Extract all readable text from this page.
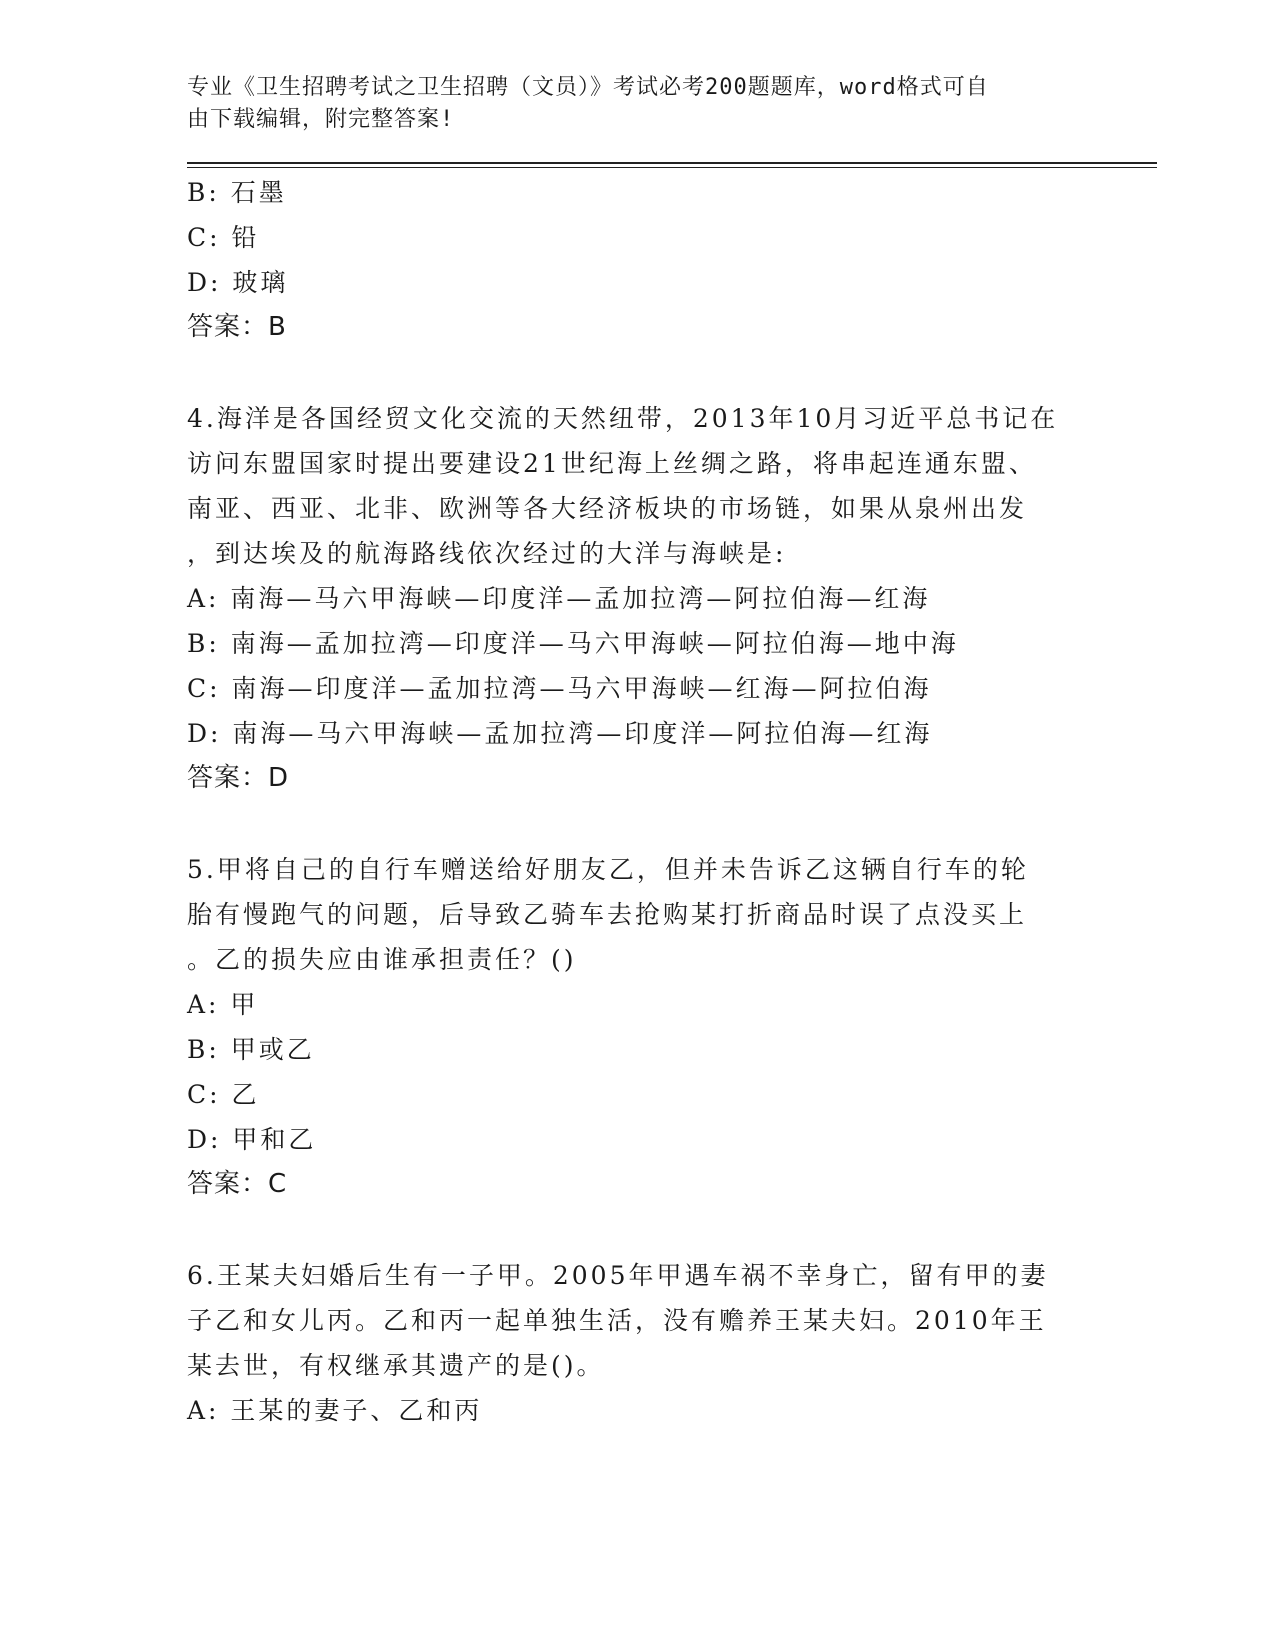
专业《卫生招聘考试之卫生招聘（文员）》考试必考200题题库，word格式可自
由下载编辑，附完整答案!
B: 石墨
C: 铅
D: 玻璃
答案：B
4.海洋是各国经贸文化交流的天然纽带，2013年10月习近平总书记在
访问东盟国家时提出要建设21世纪海上丝绸之路，将串起连通东盟、
南亚、西亚、北非、欧洲等各大经济板块的市场链，如果从泉州出发
，到达埃及的航海路线依次经过的大洋与海峡是:
A: 南海—马六甲海峡—印度洋—孟加拉湾—阿拉伯海—红海
B: 南海—孟加拉湾—印度洋—马六甲海峡—阿拉伯海—地中海
C: 南海—印度洋—孟加拉湾—马六甲海峡—红海—阿拉伯海
D: 南海—马六甲海峡—孟加拉湾—印度洋—阿拉伯海—红海
答案：D
5.甲将自己的自行车赠送给好朋友乙，但并未告诉乙这辆自行车的轮
胎有慢跑气的问题，后导致乙骑车去抢购某打折商品时误了点没买上
。乙的损失应由谁承担责任？()
A: 甲
B: 甲或乙
C: 乙
D: 甲和乙
答案：C
6.王某夫妇婚后生有一子甲。2005年甲遇车祸不幸身亡，留有甲的妻
子乙和女儿丙。乙和丙一起单独生活，没有赡养王某夫妇。2010年王
某去世，有权继承其遗产的是()。
A: 王某的妻子、乙和丙
